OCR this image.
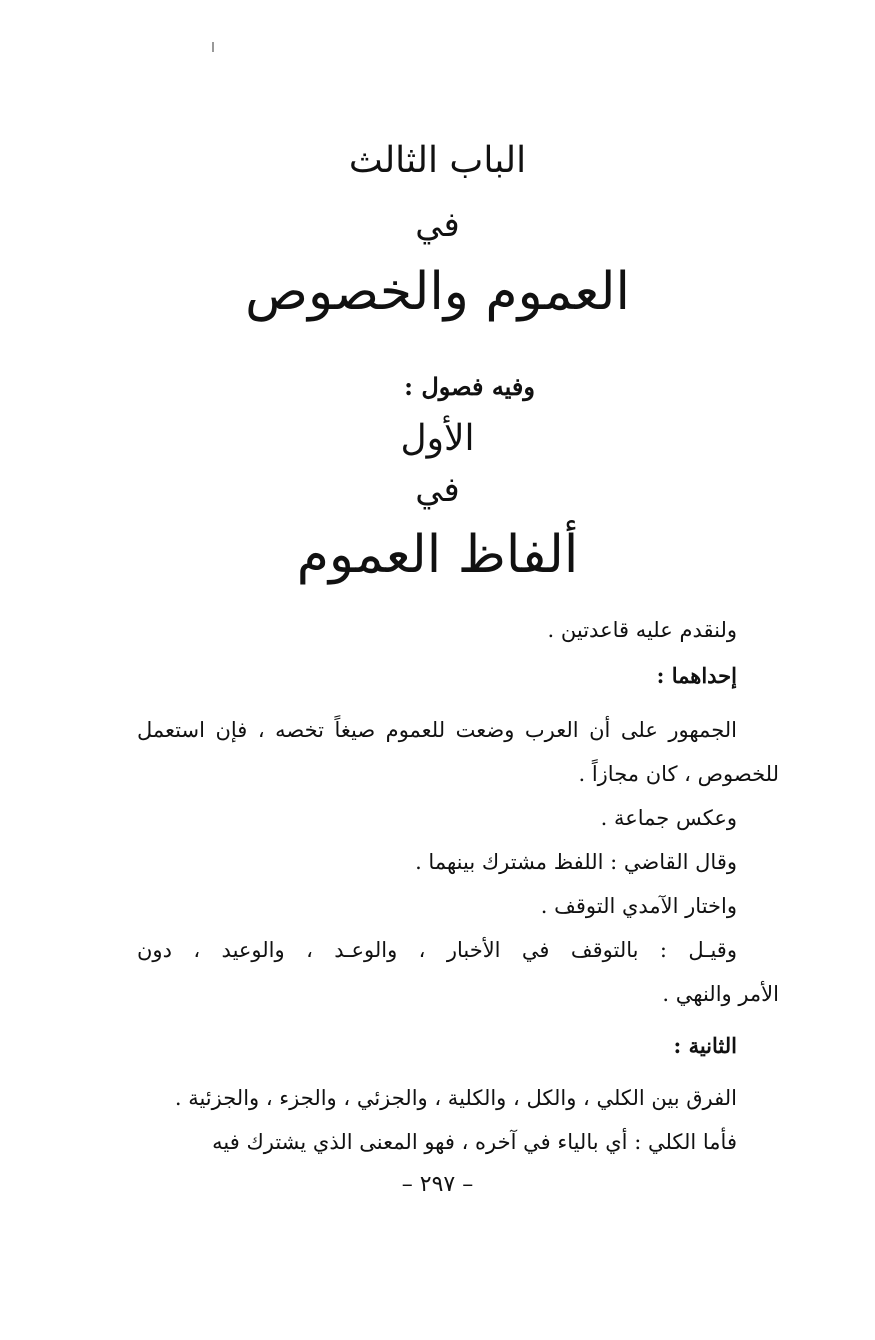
الباب الثالث
في
العموم والخصوص
وفيه فصول :
الأول
في
ألفاظ العموم
ولنقدم عليه قاعدتين .
إحداهما :
الجمهور على أن العرب وضعت للعموم صيغاً تخصه ، فإن استعمل
للخصوص ، كان مجازاً .
وعكس جماعة .
وقال القاضي : اللفظ مشترك بينهما .
واختار الآمدي التوقف .
وقيـل : بالتوقف في الأخبار ، والوعـد ، والوعيد ، دون
الأمر والنهي .
الثانية :
الفرق بين الكلي ، والكل ، والكلية ، والجزئي ، والجزء ، والجزئية .
فأما الكلي : أي بالياء في آخره ، فهو المعنى الذي يشترك فيه
– ٢٩٧ –
